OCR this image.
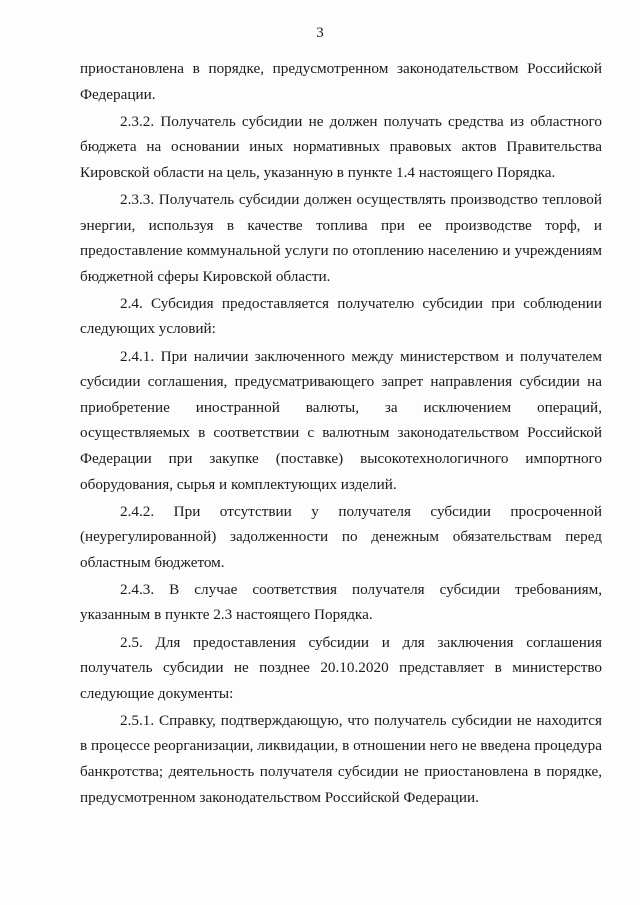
3

приостановлена в порядке, предусмотренном законодательством Российской Федерации.

2.3.2. Получатель субсидии не должен получать средства из областного бюджета на основании иных нормативных правовых актов Правительства Кировской области на цель, указанную в пункте 1.4 настоящего Порядка.

2.3.3. Получатель субсидии должен осуществлять производство тепловой энергии, используя в качестве топлива при ее производстве торф, и предоставление коммунальной услуги по отоплению населению и учреждениям бюджетной сферы Кировской области.

2.4. Субсидия предоставляется получателю субсидии при соблюдении следующих условий:

2.4.1. При наличии заключенного между министерством и получателем субсидии соглашения, предусматривающего запрет направления субсидии на приобретение иностранной валюты, за исключением операций, осуществляемых в соответствии с валютным законодательством Российской Федерации при закупке (поставке) высокотехнологичного импортного оборудования, сырья и комплектующих изделий.

2.4.2. При отсутствии у получателя субсидии просроченной (неурегулированной) задолженности по денежным обязательствам перед областным бюджетом.

2.4.3. В случае соответствия получателя субсидии требованиям, указанным в пункте 2.3 настоящего Порядка.

2.5. Для предоставления субсидии и для заключения соглашения получатель субсидии не позднее 20.10.2020 представляет в министерство следующие документы:

2.5.1. Справку, подтверждающую, что получатель субсидии не находится в процессе реорганизации, ликвидации, в отношении него не введена процедура банкротства; деятельность получателя субсидии не приостановлена в порядке, предусмотренном законодательством Российской Федерации.
